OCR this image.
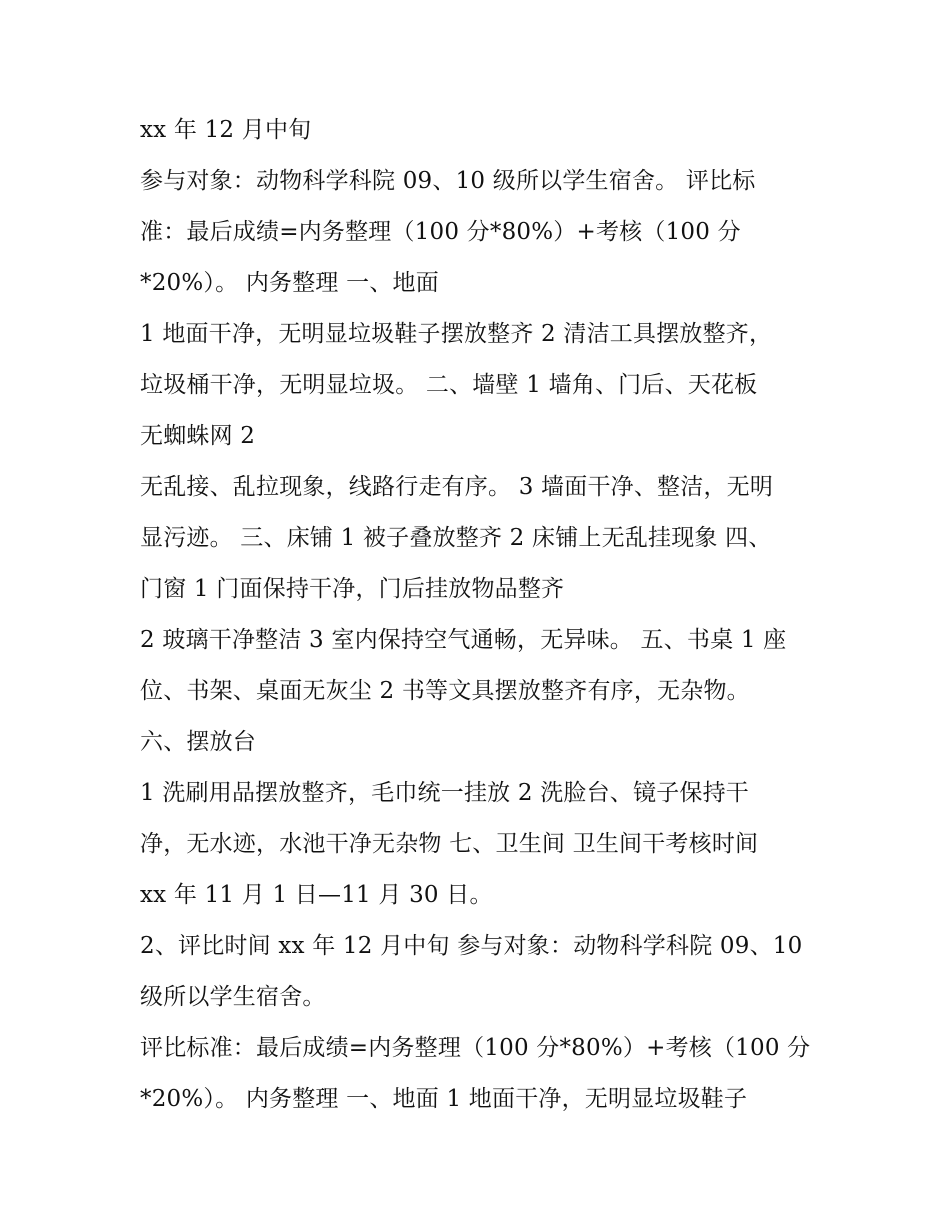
xx 年 12 月中旬
参与对象：动物科学科院 09、10 级所以学生宿舍。 评比标
准：最后成绩=内务整理（100 分*80%）+考核（100 分
*20%）。 内务整理 一、地面
1 地面干净，无明显垃圾鞋子摆放整齐 2 清洁工具摆放整齐，
垃圾桶干净，无明显垃圾。 二、墙壁 1 墙角、门后、天花板
无蜘蛛网 2
无乱接、乱拉现象，线路行走有序。 3 墙面干净、整洁，无明
显污迹。 三、床铺 1 被子叠放整齐 2 床铺上无乱挂现象 四、
门窗 1 门面保持干净，门后挂放物品整齐
2 玻璃干净整洁 3 室内保持空气通畅，无异味。 五、书桌 1 座
位、书架、桌面无灰尘 2 书等文具摆放整齐有序，无杂物。
六、摆放台
1 洗刷用品摆放整齐，毛巾统一挂放 2 洗脸台、镜子保持干
净，无水迹，水池干净无杂物 七、卫生间 卫生间干考核时间
xx 年 11 月 1 日—11 月 30 日。
2、评比时间 xx 年 12 月中旬 参与对象：动物科学科院 09、10
级所以学生宿舍。
评比标准：最后成绩=内务整理（100 分*80%）+考核（100 分
*20%）。 内务整理 一、地面 1 地面干净，无明显垃圾鞋子
